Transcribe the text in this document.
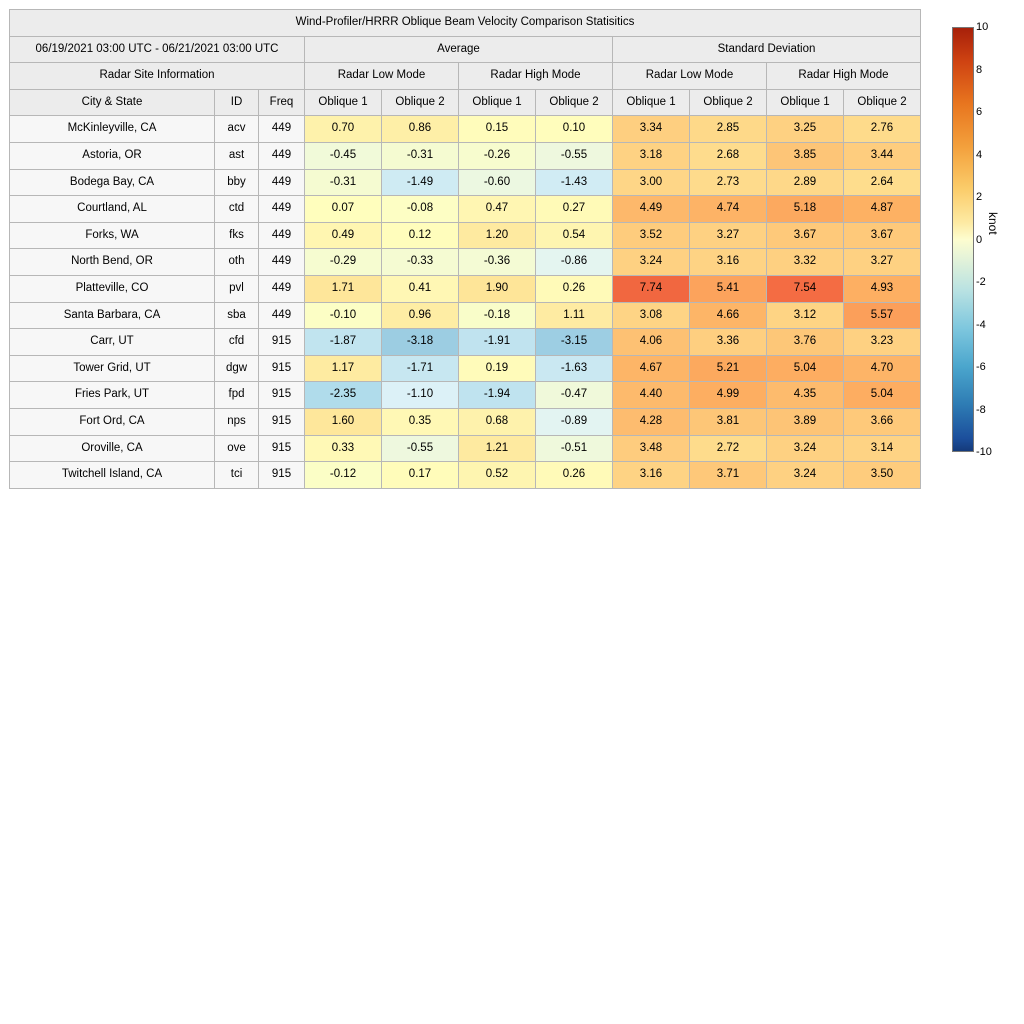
Wind-Profiler/HRRR Oblique Beam Velocity Comparison Statisitics										
06/19/2021 03:00 UTC - 06/21/2021 03:00 UTC			Average				Standard Deviation			
Radar Site Information			Radar Low Mode		Radar High Mode		Radar Low Mode		Radar High Mode	
City & State	ID	Freq	Oblique 1	Oblique 2	Oblique 1	Oblique 2	Oblique 1	Oblique 2	Oblique 1	Oblique 2
McKinleyville, CA	acv	449	0.70	0.86	0.15	0.10	3.34	2.85	3.25	2.76
Astoria, OR	ast	449	-0.45	-0.31	-0.26	-0.55	3.18	2.68	3.85	3.44
Bodega Bay, CA	bby	449	-0.31	-1.49	-0.60	-1.43	3.00	2.73	2.89	2.64
Courtland, AL	ctd	449	0.07	-0.08	0.47	0.27	4.49	4.74	5.18	4.87
Forks, WA	fks	449	0.49	0.12	1.20	0.54	3.52	3.27	3.67	3.67
North Bend, OR	oth	449	-0.29	-0.33	-0.36	-0.86	3.24	3.16	3.32	3.27
Platteville, CO	pvl	449	1.71	0.41	1.90	0.26	7.74	5.41	7.54	4.93
Santa Barbara, CA	sba	449	-0.10	0.96	-0.18	1.11	3.08	4.66	3.12	5.57
Carr, UT	cfd	915	-1.87	-3.18	-1.91	-3.15	4.06	3.36	3.76	3.23
Tower Grid, UT	dgw	915	1.17	-1.71	0.19	-1.63	4.67	5.21	5.04	4.70
Fries Park, UT	fpd	915	-2.35	-1.10	-1.94	-0.47	4.40	4.99	4.35	5.04
Fort Ord, CA	nps	915	1.60	0.35	0.68	-0.89	4.28	3.81	3.89	3.66
Oroville, CA	ove	915	0.33	-0.55	1.21	-0.51	3.48	2.72	3.24	3.14
Twitchell Island, CA	tci	915	-0.12	0.17	0.52	0.26	3.16	3.71	3.24	3.50
10
8
6
4
2
0
-2
-4
-6
-8
-10
knot
